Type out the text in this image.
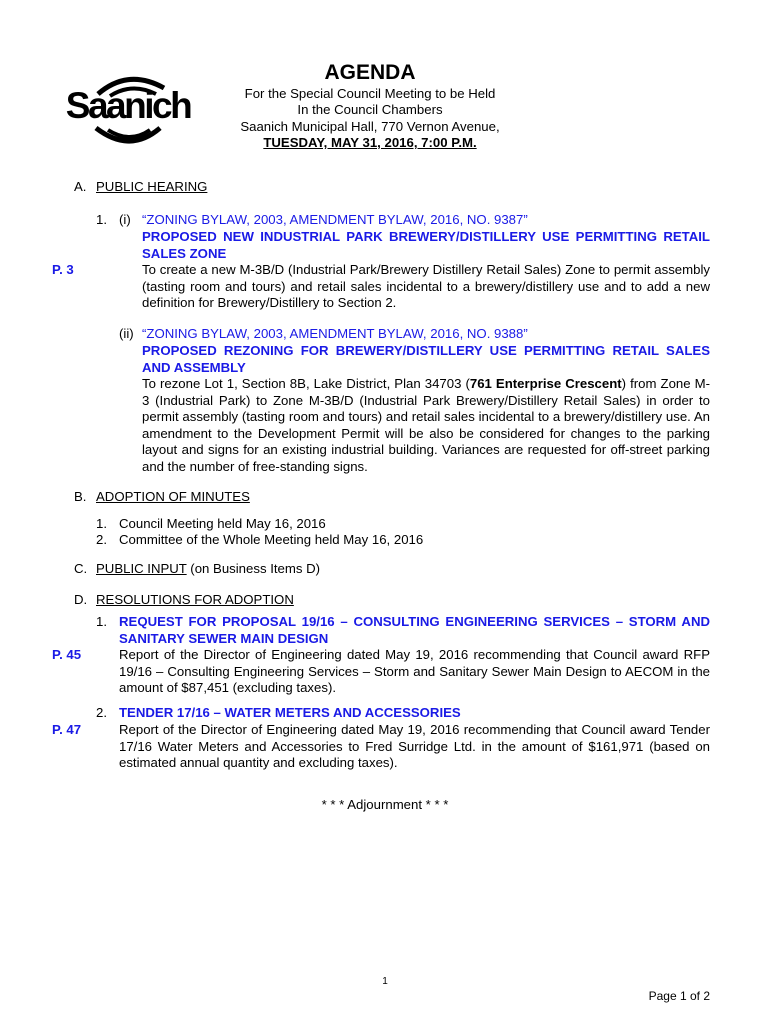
Saanich
AGENDA
For the Special Council Meeting to be Held
In the Council Chambers
Saanich Municipal Hall, 770 Vernon Avenue,
TUESDAY, MAY 31, 2016, 7:00 P.M.
A. PUBLIC HEARING
1. (i) “ZONING BYLAW, 2003, AMENDMENT BYLAW, 2016, NO. 9387”
PROPOSED NEW INDUSTRIAL PARK BREWERY/DISTILLERY USE PERMITTING RETAIL SALES ZONE
P. 3	To create a new M-3B/D (Industrial Park/Brewery Distillery Retail Sales) Zone to permit assembly (tasting room and tours) and retail sales incidental to a brewery/distillery use and to add a new definition for Brewery/Distillery to Section 2.
(ii) “ZONING BYLAW, 2003, AMENDMENT BYLAW, 2016, NO. 9388”
PROPOSED REZONING FOR BREWERY/DISTILLERY USE PERMITTING RETAIL SALES AND ASSEMBLY
To rezone Lot 1, Section 8B, Lake District, Plan 34703 (761 Enterprise Crescent) from Zone M-3 (Industrial Park) to Zone M-3B/D (Industrial Park Brewery/Distillery Retail Sales) in order to permit assembly (tasting room and tours) and retail sales incidental to a brewery/distillery use. An amendment to the Development Permit will be also be considered for changes to the parking layout and signs for an existing industrial building. Variances are requested for off-street parking and the number of free-standing signs.
B. ADOPTION OF MINUTES
1. Council Meeting held May 16, 2016
2. Committee of the Whole Meeting held May 16, 2016
C. PUBLIC INPUT (on Business Items D)
D. RESOLUTIONS FOR ADOPTION
1. REQUEST FOR PROPOSAL 19/16 – CONSULTING ENGINEERING SERVICES – STORM AND SANITARY SEWER MAIN DESIGN
P. 45	Report of the Director of Engineering dated May 19, 2016 recommending that Council award RFP 19/16 – Consulting Engineering Services – Storm and Sanitary Sewer Main Design to AECOM in the amount of $87,451 (excluding taxes).
2. TENDER 17/16 – WATER METERS AND ACCESSORIES
P. 47	Report of the Director of Engineering dated May 19, 2016 recommending that Council award Tender 17/16 Water Meters and Accessories to Fred Surridge Ltd. in the amount of $161,971 (based on estimated annual quantity and excluding taxes).
* * * Adjournment * * *
1
Page 1 of 2
